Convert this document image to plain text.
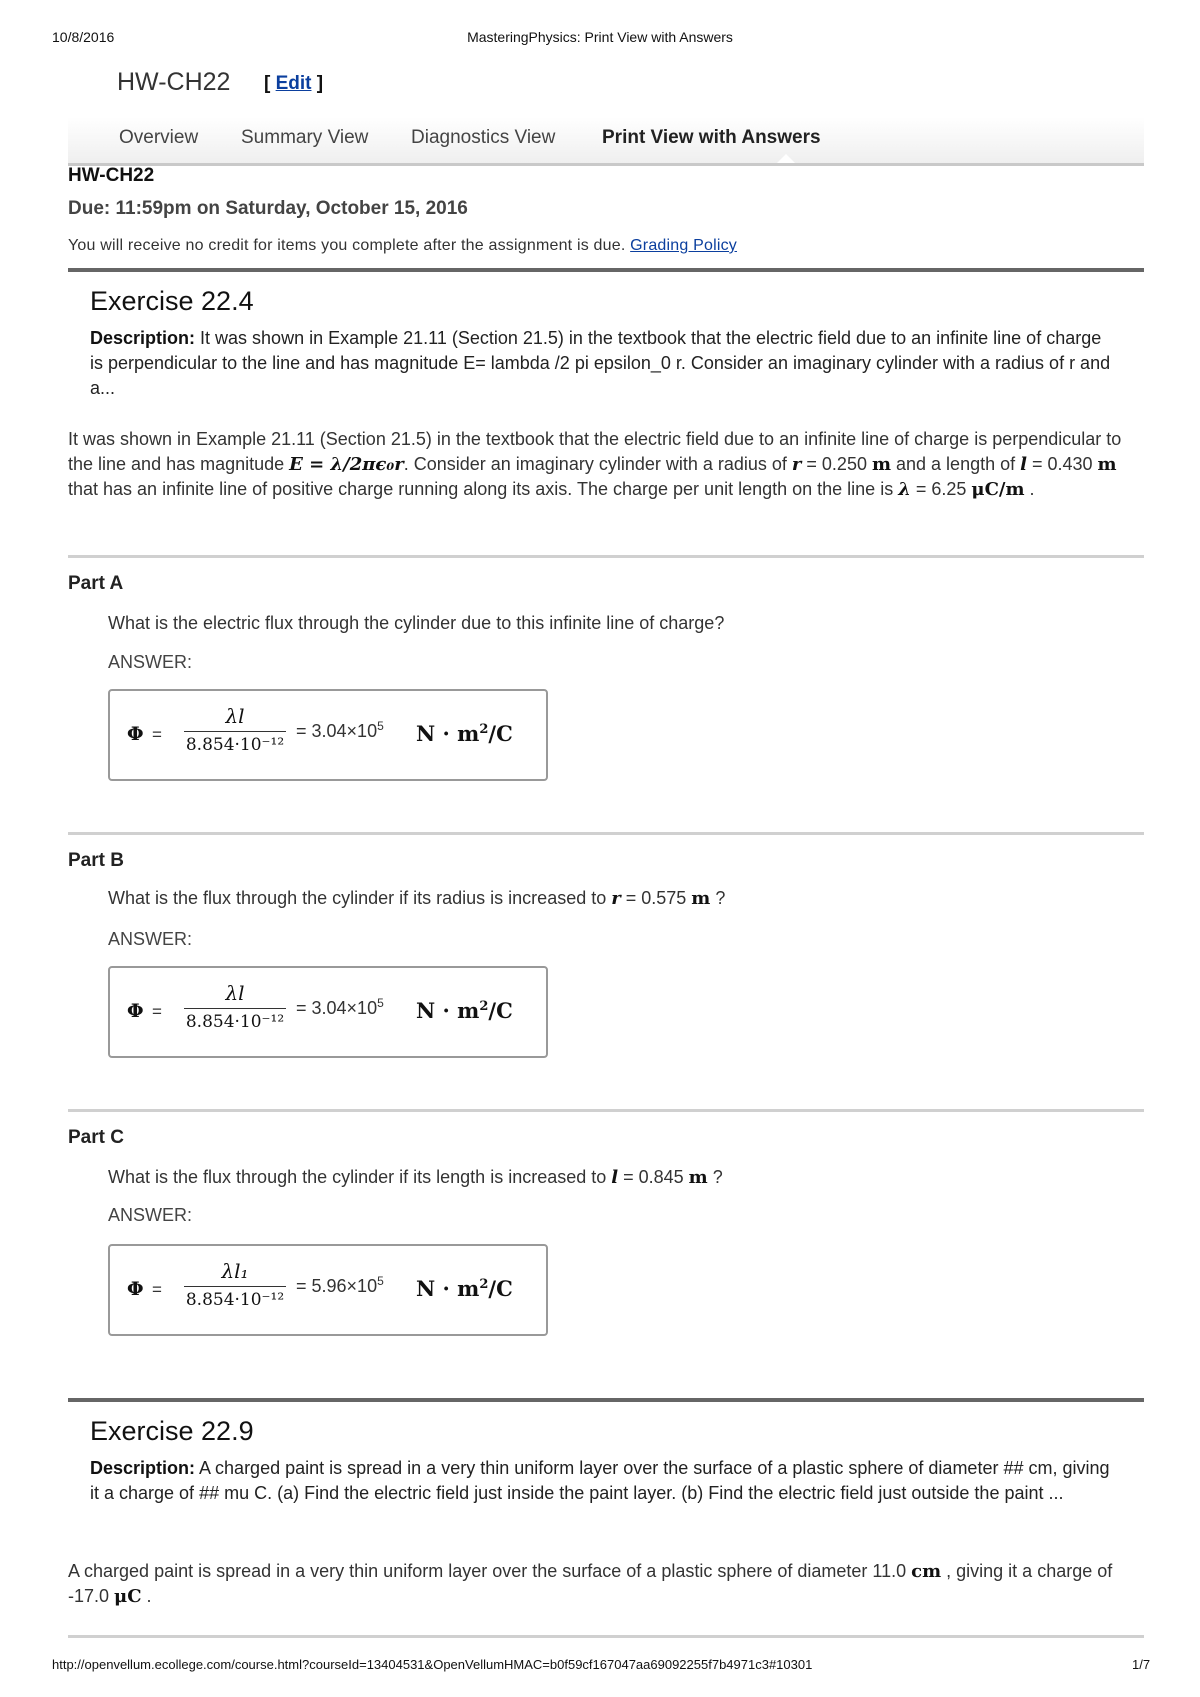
10/8/2016	MasteringPhysics: Print View with Answers
HW-CH22 [ Edit ]
Overview Summary View Diagnostics View Print View with Answers
HW-CH22
Due: 11:59pm on Saturday, October 15, 2016
You will receive no credit for items you complete after the assignment is due. Grading Policy
Exercise 22.4
Description: It was shown in Example 21.11 (Section 21.5) in the textbook that the electric field due to an infinite line of charge is perpendicular to the line and has magnitude E= lambda /2 pi epsilon_0 r. Consider an imaginary cylinder with a radius of r and a...
It was shown in Example 21.11 (Section 21.5) in the textbook that the electric field due to an infinite line of charge is perpendicular to the line and has magnitude E = λ/2πϵ₀r. Consider an imaginary cylinder with a radius of r = 0.250 m and a length of l = 0.430 m that has an infinite line of positive charge running along its axis. The charge per unit length on the line is λ = 6.25 μC/m .
Part A
What is the electric flux through the cylinder due to this infinite line of charge?
ANSWER:
Φ =
λl
8.854·10⁻¹²
= $3.04\times 10^5$ $N \cdot m^2/C$
Part B
What is the flux through the cylinder if its radius is increased to r = 0.575 m ?
ANSWER:
Φ =
λl
8.854·10⁻¹²
= $3.04\times 10^5$ $N \cdot m^2/C$
Part C
What is the flux through the cylinder if its length is increased to l = 0.845 m ?
ANSWER:
Φ =
λl₁
8.854·10⁻¹²
= $5.96\times 10^5$ $N \cdot m^2/C$
Exercise 22.9
Description: A charged paint is spread in a very thin uniform layer over the surface of a plastic sphere of diameter ## cm, giving it a charge of ## mu C. (a) Find the electric field just inside the paint layer. (b) Find the electric field just outside the paint ...
A charged paint is spread in a very thin uniform layer over the surface of a plastic sphere of diameter 11.0 cm , giving it a charge of -17.0 μC .
http://openvellum.ecollege.com/course.html?courseId=13404531&OpenVellumHMAC=b0f59cf167047aa69092255f7b4971c3#10301	1/7
